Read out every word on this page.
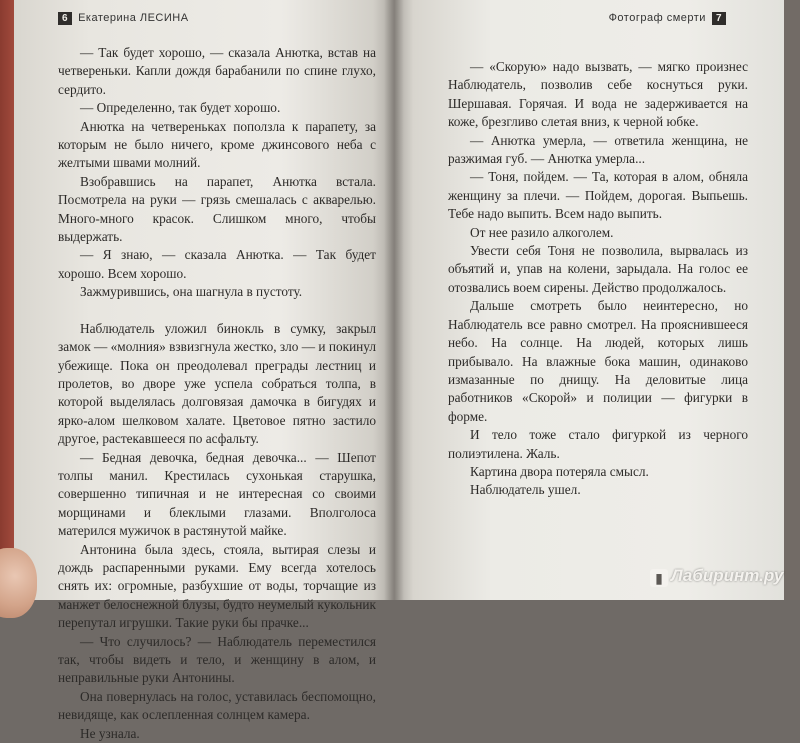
6 Екатерина ЛЕСИНА

— Так будет хорошо, — сказала Анютка, встав на четвереньки. Капли дождя барабанили по спине глухо, сердито.

— Определенно, так будет хорошо.

Анютка на четвереньках поползла к парапету, за которым не было ничего, кроме джинсового неба с желтыми швами молний.

Взобравшись на парапет, Анютка встала. Посмотрела на руки — грязь смешалась с акварелью. Много-много красок. Слишком много, чтобы выдержать.

— Я знаю, — сказала Анютка. — Так будет хорошо. Всем хорошо.

Зажмурившись, она шагнула в пустоту.

Наблюдатель уложил бинокль в сумку, закрыл замок — «молния» взвизгнула жестко, зло — и покинул убежище. Пока он преодолевал преграды лестниц и пролетов, во дворе уже успела собраться толпа, в которой выделялась долговязая дамочка в бигудях и ярко-алом шелковом халате. Цветовое пятно застило другое, растекавшееся по асфальту.

— Бедная девочка, бедная девочка... — Шепот толпы манил. Крестилась сухонькая старушка, совершенно типичная и не интересная со своими морщинами и блеклыми глазами. Вполголоса матерился мужичок в растянутой майке.

Антонина была здесь, стояла, вытирая слезы и дождь распаренными руками. Ему всегда хотелось снять их: огромные, разбухшие от воды, торчащие из манжет белоснежной блузы, будто неумелый кукольник перепутал игрушки. Такие руки бы прачке...

— Что случилось? — Наблюдатель переместился так, чтобы видеть и тело, и женщину в алом, и неправильные руки Антонины.

Она повернулась на голос, уставилась беспомощно, невидяще, как ослепленная солнцем камера.

Не узнала.

Фотограф смерти 7

— «Скорую» надо вызвать, — мягко произнес Наблюдатель, позволив себе коснуться руки. Шершавая. Горячая. И вода не задерживается на коже, брезгливо слетая вниз, к черной юбке.

— Анютка умерла, — ответила женщина, не разжимая губ. — Анютка умерла...

— Тоня, пойдем. — Та, которая в алом, обняла женщину за плечи. — Пойдем, дорогая. Выпьешь. Тебе надо выпить. Всем надо выпить.

От нее разило алкоголем.

Увести себя Тоня не позволила, вырвалась из объятий и, упав на колени, зарыдала. На голос ее отозвались воем сирены. Действо продолжалось.

Дальше смотреть было неинтересно, но Наблюдатель все равно смотрел. На прояснившееся небо. На солнце. На людей, которых лишь прибывало. На влажные бока машин, одинаково измазанные по днищу. На деловитые лица работников «Скорой» и полиции — фигурки в форме.

И тело тоже стало фигуркой из черного полиэтилена. Жаль.

Картина двора потеряла смысл.

Наблюдатель ушел.

▮ Лабиринт.ру
